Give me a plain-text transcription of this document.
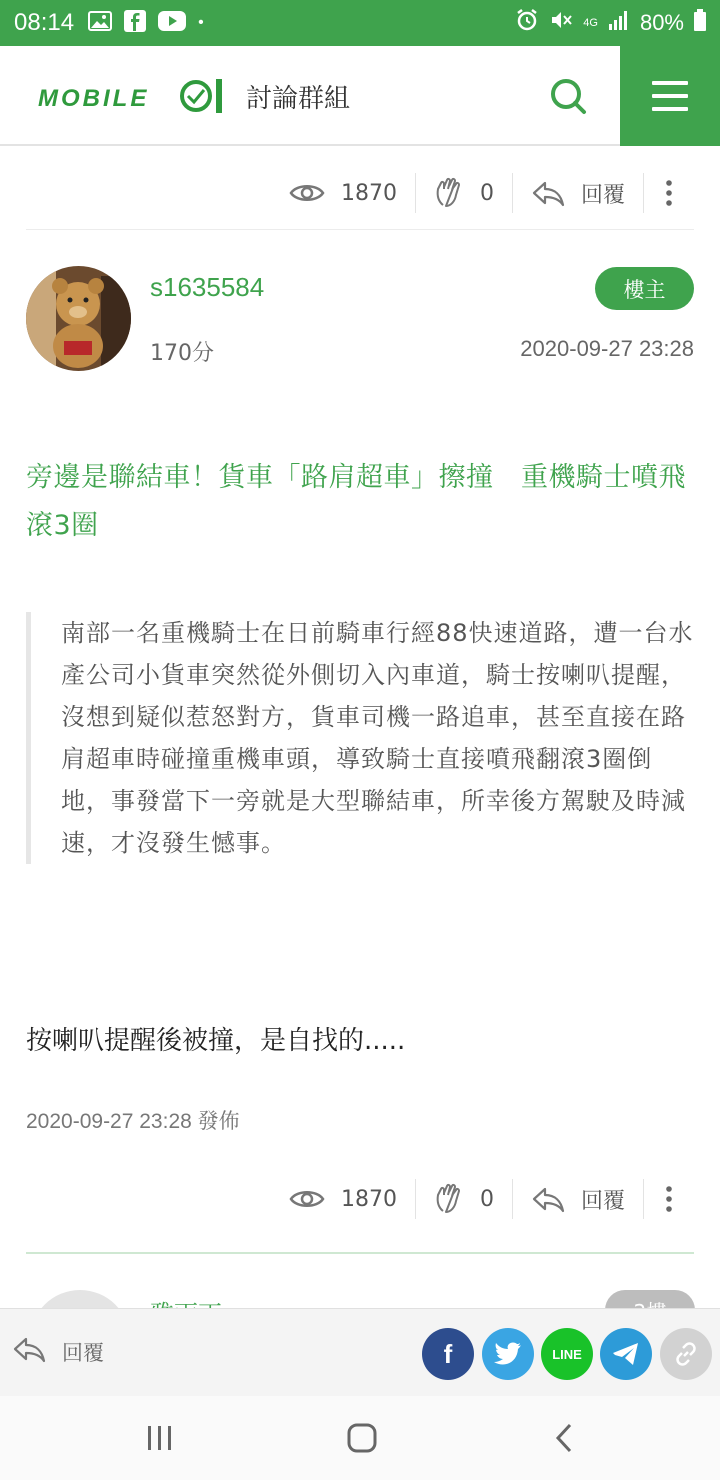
08:14	•	4G 80%
MOBILE	討論群組
1870	0	回覆
s1635584
170分
樓主
2020-09-27 23:28
旁邊是聯結車！貨車「路肩超車」擦撞　重機騎士噴飛滾3圈
南部一名重機騎士在日前騎車行經88快速道路，遭一台水產公司小貨車突然從外側切入內車道，騎士按喇叭提醒，沒想到疑似惹怒對方，貨車司機一路追車，甚至直接在路肩超車時碰撞重機車頭，導致騎士直接噴飛翻滾3圈倒地，事發當下一旁就是大型聯結車，所幸後方駕駛及時減速，才沒發生憾事。
按喇叭提醒後被撞，是自找的.....
2020-09-27 23:28 發佈
1870	0	回覆
回覆	f	LINE
